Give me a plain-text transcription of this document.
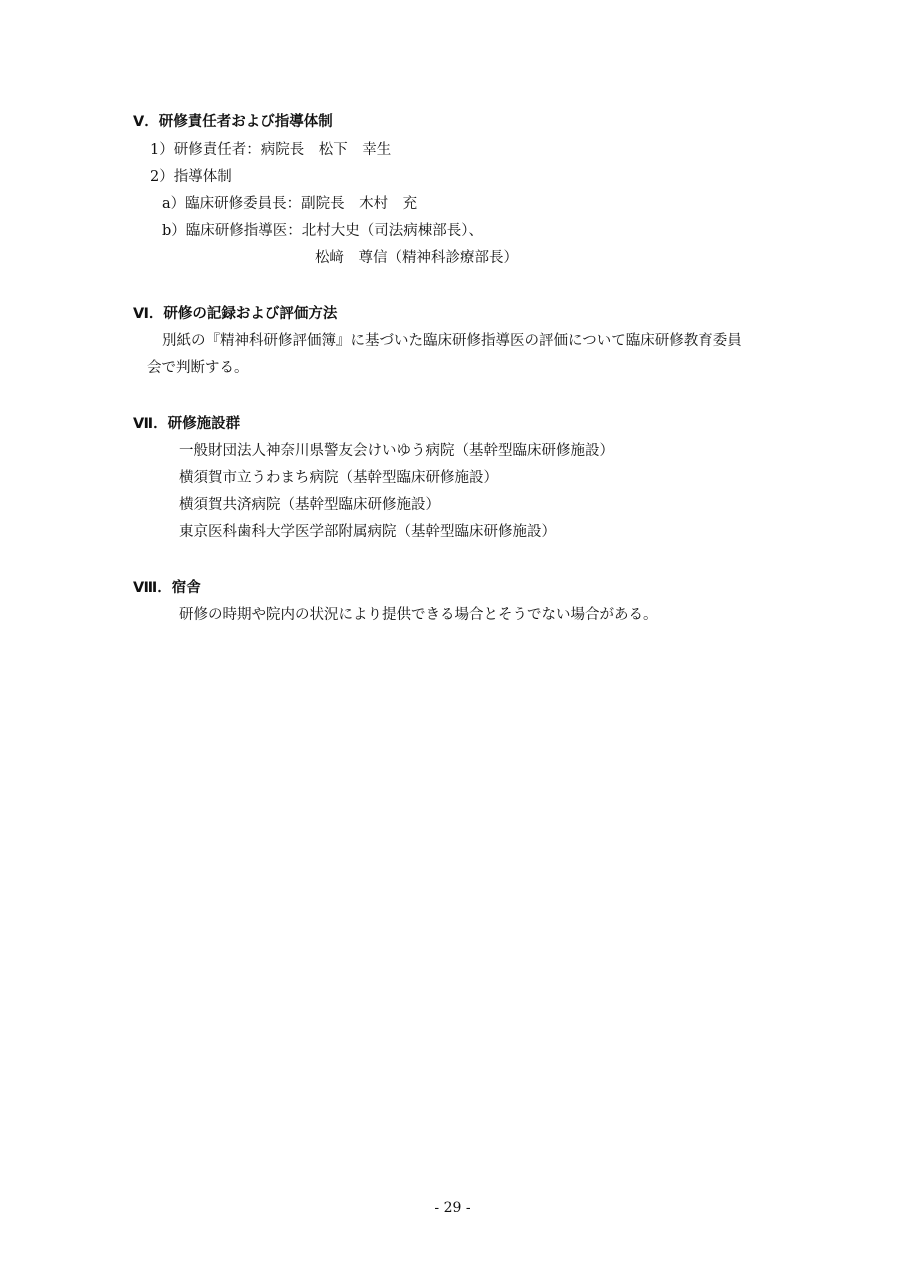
Ⅴ．研修責任者および指導体制
1）研修責任者：病院長　松下　幸生
2）指導体制
a）臨床研修委員長：副院長　木村　充
b）臨床研修指導医：北村大史（司法病棟部長）、
松﨑　尊信（精神科診療部長）
Ⅵ．研修の記録および評価方法
別紙の『精神科研修評価簿』に基づいた臨床研修指導医の評価について臨床研修教育委員
会で判断する。
Ⅶ．研修施設群
一般財団法人神奈川県警友会けいゆう病院（基幹型臨床研修施設）
横須賀市立うわまち病院（基幹型臨床研修施設）
横須賀共済病院（基幹型臨床研修施設）
東京医科歯科大学医学部附属病院（基幹型臨床研修施設）
Ⅷ．宿舎
研修の時期や院内の状況により提供できる場合とそうでない場合がある。
- 29 -
